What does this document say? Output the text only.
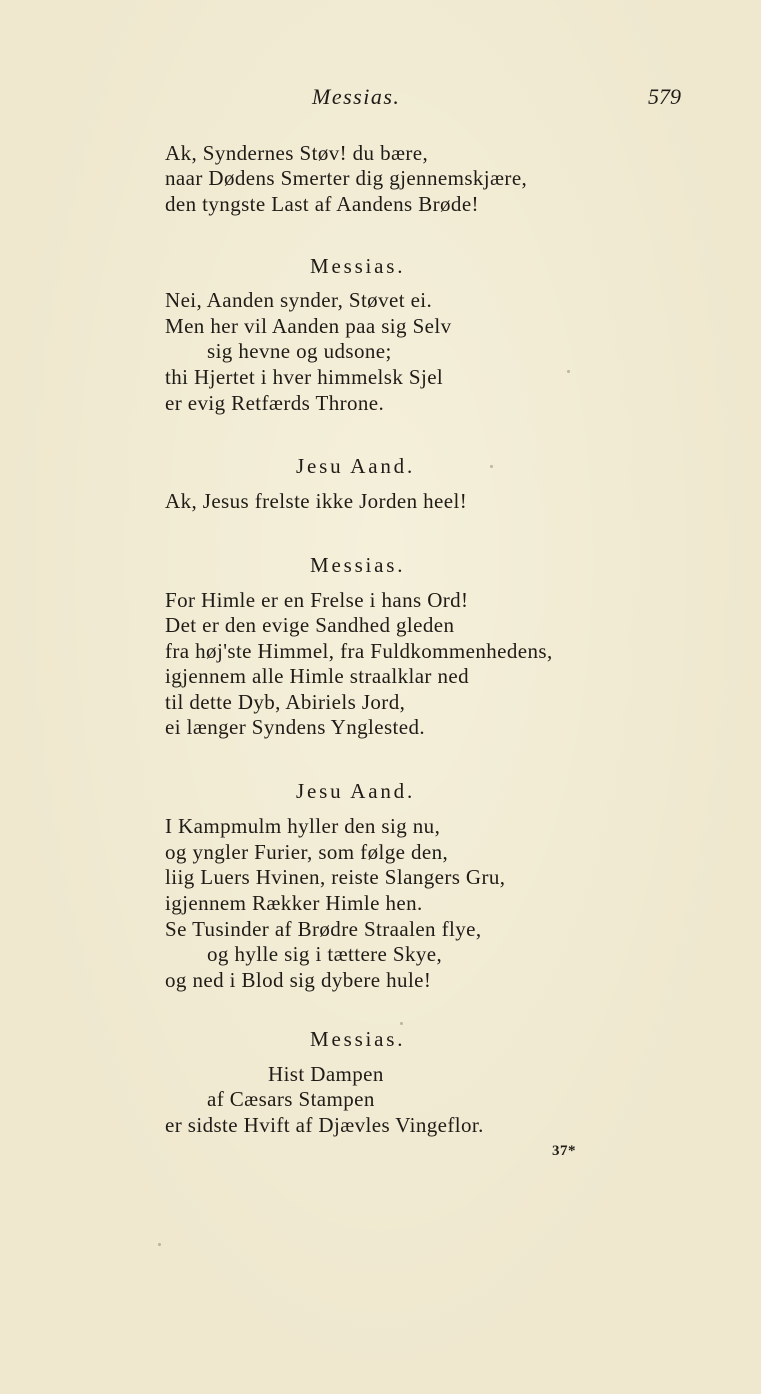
Messias.	579
Ak, Syndernes Støv! du bære,
naar Dødens Smerter dig gjennemskjære,
den tyngste Last af Aandens Brøde!
Messias.
Nei, Aanden synder, Støvet ei.
Men her vil Aanden paa sig Selv
sig hevne og udsone;
thi Hjertet i hver himmelsk Sjel
er evig Retfærds Throne.
Jesu Aand.
Ak, Jesus frelste ikke Jorden heel!
Messias.
For Himle er en Frelse i hans Ord!
Det er den evige Sandhed gleden
fra høj'ste Himmel, fra Fuldkommenhedens,
igjennem alle Himle straalklar ned
til dette Dyb, Abiriels Jord,
ei længer Syndens Ynglested.
Jesu Aand.
I Kampmulm hyller den sig nu,
og yngler Furier, som følge den,
liig Luers Hvinen, reiste Slangers Gru,
igjennem Rækker Himle hen.
Se Tusinder af Brødre Straalen flye,
og hylle sig i tættere Skye,
og ned i Blod sig dybere hule!
Messias.
Hist Dampen
af Cæsars Stampen
er sidste Hvift af Djævles Vingeflor.
37*
